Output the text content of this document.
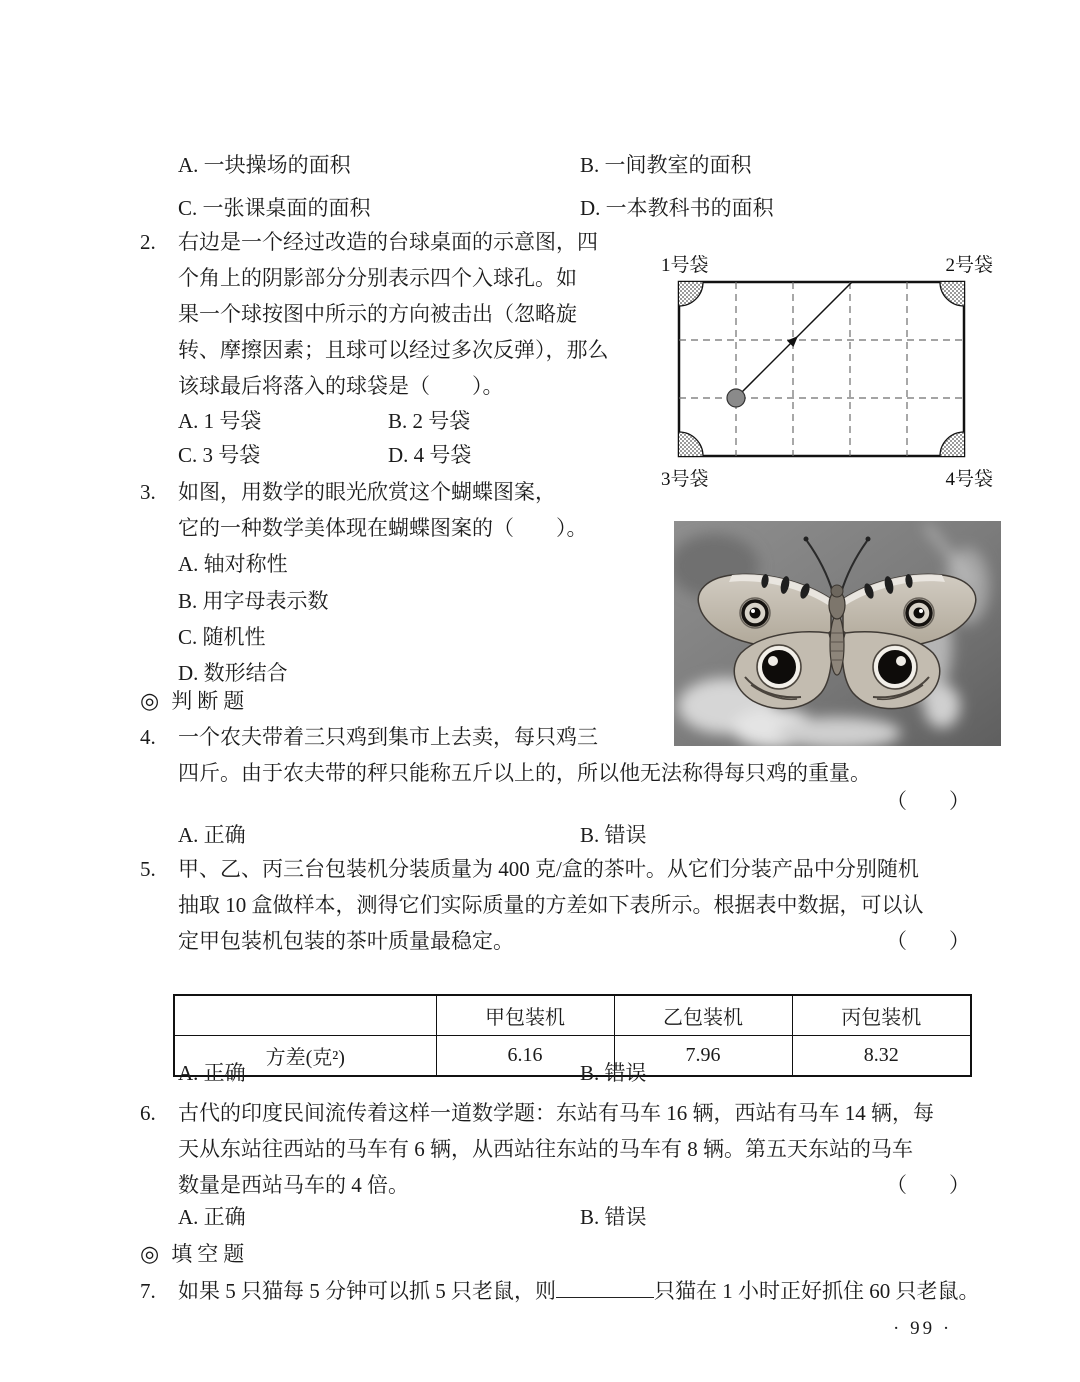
A. 一块操场的面积	B. 一间教室的面积
C. 一张课桌面的面积	D. 一本教科书的面积
2. 右边是一个经过改造的台球桌面的示意图，四
个角上的阴影部分分别表示四个入球孔。如
果一个球按图中所示的方向被击出（忽略旋
转、摩擦因素；且球可以经过多次反弹），那么
该球最后将落入的球袋是（　　）。
A. 1 号袋	B. 2 号袋
C. 3 号袋	D. 4 号袋

1号袋	2号袋
3号袋	4号袋

3. 如图，用数学的眼光欣赏这个蝴蝶图案，
它的一种数学美体现在蝴蝶图案的（　　）。
A. 轴对称性
B. 用字母表示数
C. 随机性
D. 数形结合

◎ 判断题
4. 一个农夫带着三只鸡到集市上去卖，每只鸡三
四斤。由于农夫带的秤只能称五斤以上的，所以他无法称得每只鸡的重量。
（　　）
A. 正确	B. 错误
5. 甲、乙、丙三台包装机分装质量为 400 克/盒的茶叶。从它们分装产品中分别随机
抽取 10 盒做样本，测得它们实际质量的方差如下表所示。根据表中数据，可以认
定甲包装机包装的茶叶质量最稳定。	（　　）

	甲包装机	乙包装机	丙包装机
方差(克²)	6.16	7.96	8.32

A. 正确	B. 错误
6. 古代的印度民间流传着这样一道数学题：东站有马车 16 辆，西站有马车 14 辆，每
天从东站往西站的马车有 6 辆，从西站往东站的马车有 8 辆。第五天东站的马车
数量是西站马车的 4 倍。	（　　）
A. 正确	B. 错误
◎ 填空题
7. 如果 5 只猫每 5 分钟可以抓 5 只老鼠，则	只猫在 1 小时正好抓住 60 只老鼠。
· 99 ·
